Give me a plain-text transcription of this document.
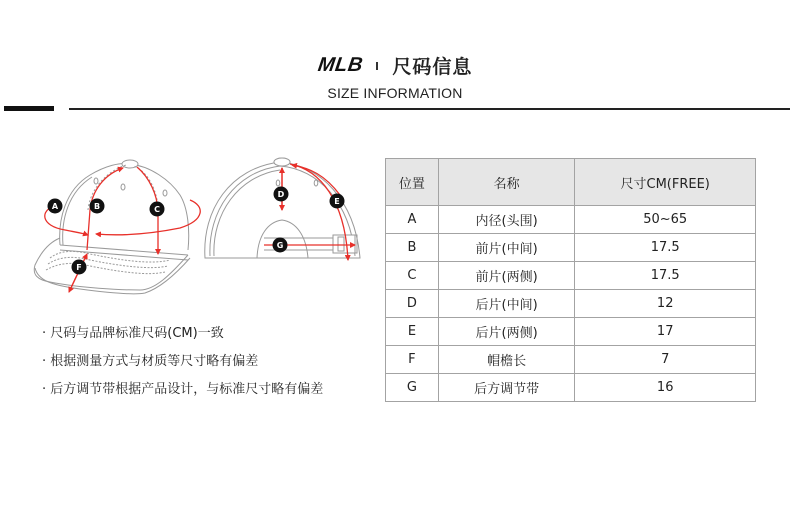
MLB 尺码信息
SIZE INFORMATION
A	B	C
F
D
E
G
· 尺码与品牌标准尺码(CM)一致
· 根据测量方式与材质等尺寸略有偏差
· 后方调节带根据产品设计，与标准尺寸略有偏差
位置	名称	尺寸CM(FREE)
A	内径(头围)	50~65
B	前片(中间)	17.5
C	前片(两侧)	17.5
D	后片(中间)	12
E	后片(两侧)	17
F	帽檐长	7
G	后方调节带	16
